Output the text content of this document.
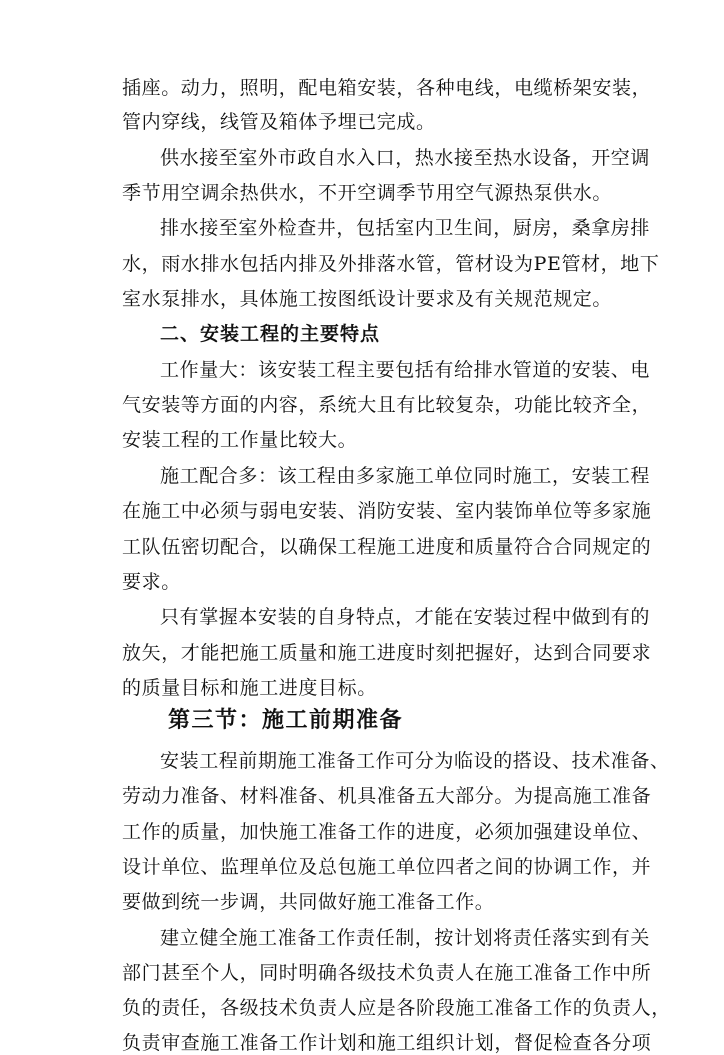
插座。动力，照明，配电箱安装，各种电线，电缆桥架安装，
管内穿线，线管及箱体予埋已完成。
供水接至室外市政自水入口，热水接至热水设备，开空调
季节用空调余热供水，不开空调季节用空气源热泵供水。
排水接至室外检查井，包括室内卫生间，厨房，桑拿房排
水，雨水排水包括内排及外排落水管，管材设为PE管材，地下
室水泵排水，具体施工按图纸设计要求及有关规范规定。
二、安装工程的主要特点
工作量大：该安装工程主要包括有给排水管道的安装、电
气安装等方面的内容，系统大且有比较复杂，功能比较齐全，
安装工程的工作量比较大。
施工配合多：该工程由多家施工单位同时施工，安装工程
在施工中必须与弱电安装、消防安装、室内装饰单位等多家施
工队伍密切配合，以确保工程施工进度和质量符合合同规定的
要求。
只有掌握本安装的自身特点，才能在安装过程中做到有的
放矢，才能把施工质量和施工进度时刻把握好，达到合同要求
的质量目标和施工进度目标。
第三节：施工前期准备
安装工程前期施工准备工作可分为临设的搭设、技术准备、
劳动力准备、材料准备、机具准备五大部分。为提高施工准备
工作的质量，加快施工准备工作的进度，必须加强建设单位、
设计单位、监理单位及总包施工单位四者之间的协调工作，并
要做到统一步调，共同做好施工准备工作。
建立健全施工准备工作责任制，按计划将责任落实到有关
部门甚至个人，同时明确各级技术负责人在施工准备工作中所
负的责任，各级技术负责人应是各阶段施工准备工作的负责人，
负责审查施工准备工作计划和施工组织计划，督促检查各分项
